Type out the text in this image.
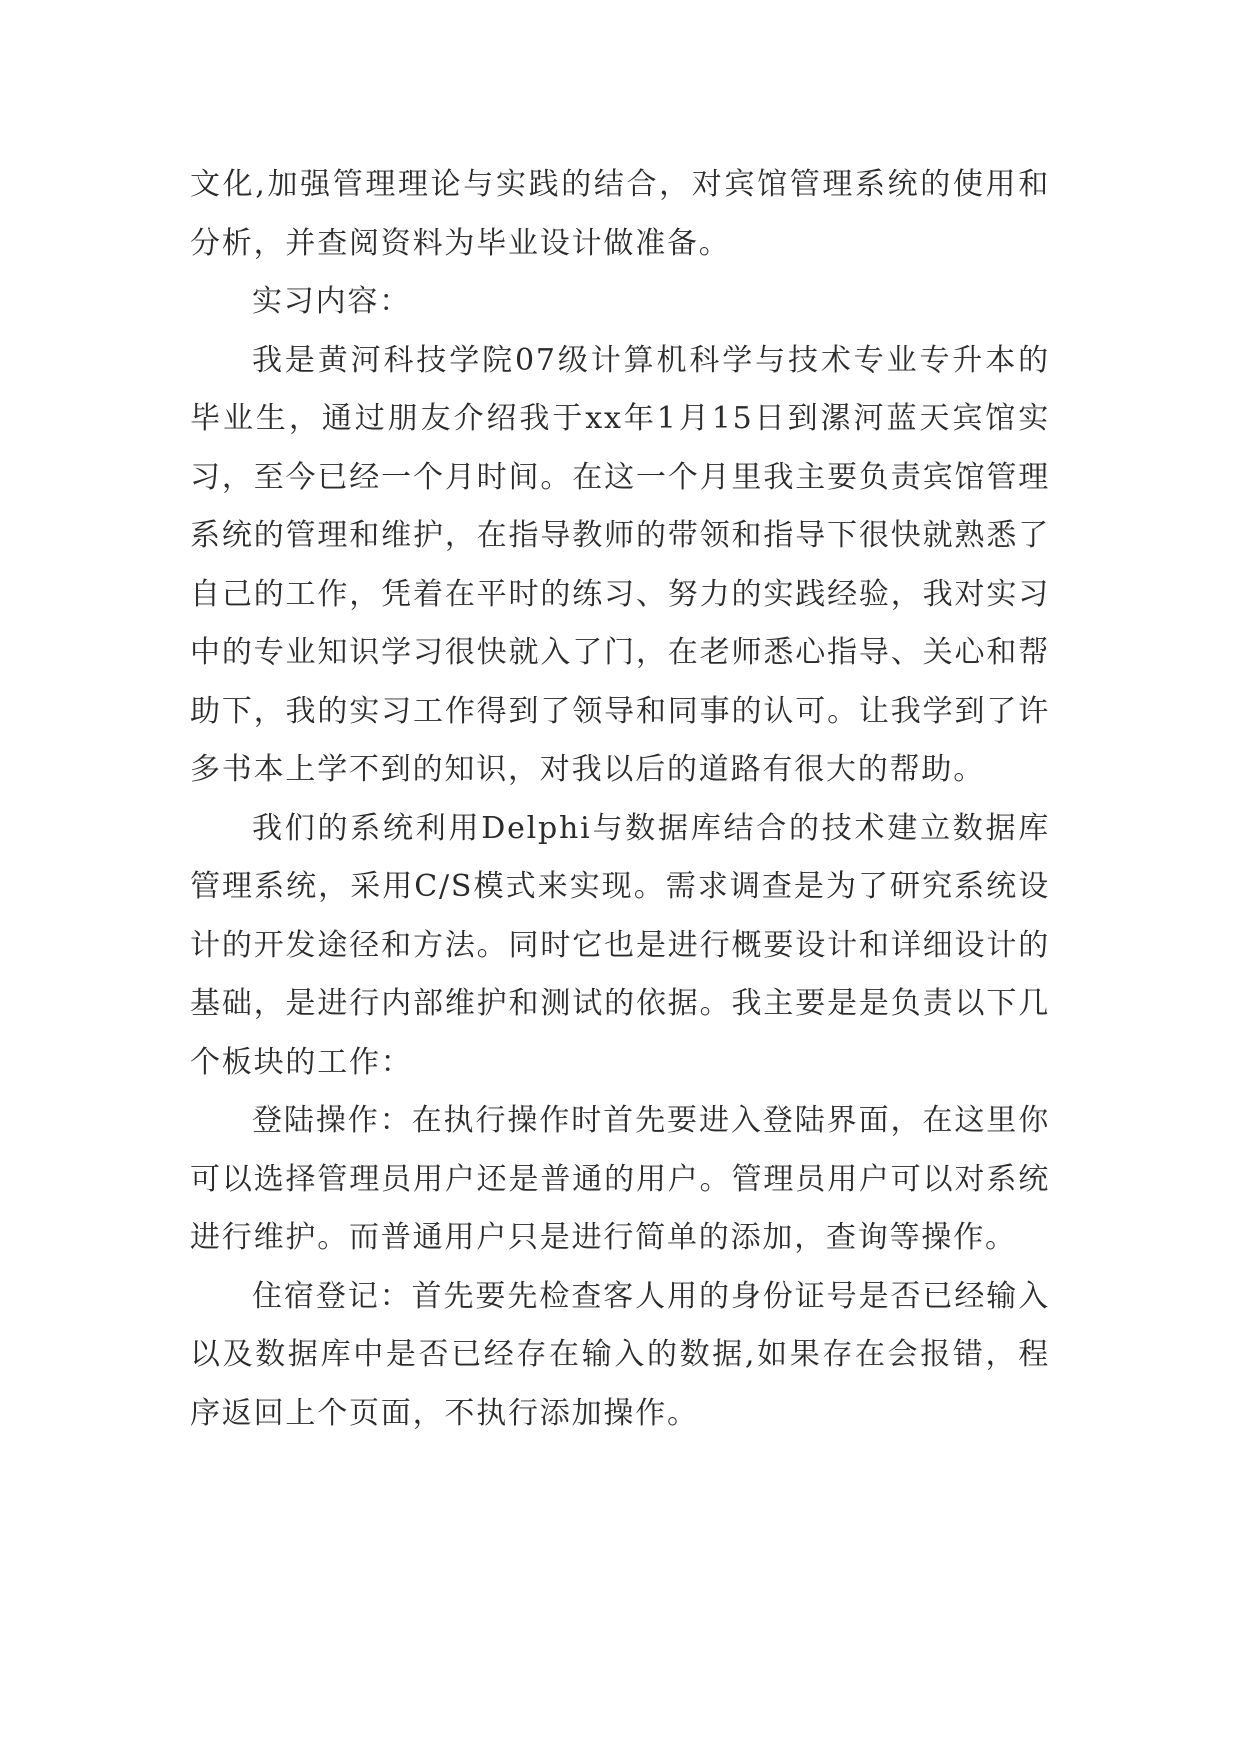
文化,加强管理理论与实践的结合，对宾馆管理系统的使用和分析，并查阅资料为毕业设计做准备。

实习内容：

我是黄河科技学院07级计算机科学与技术专业专升本的毕业生，通过朋友介绍我于xx年1月15日到漯河蓝天宾馆实习，至今已经一个月时间。在这一个月里我主要负责宾馆管理系统的管理和维护，在指导教师的带领和指导下很快就熟悉了自己的工作，凭着在平时的练习、努力的实践经验，我对实习中的专业知识学习很快就入了门，在老师悉心指导、关心和帮助下，我的实习工作得到了领导和同事的认可。让我学到了许多书本上学不到的知识，对我以后的道路有很大的帮助。

我们的系统利用Delphi与数据库结合的技术建立数据库管理系统，采用C/S模式来实现。需求调查是为了研究系统设计的开发途径和方法。同时它也是进行概要设计和详细设计的基础，是进行内部维护和测试的依据。我主要是是负责以下几个板块的工作：

登陆操作：在执行操作时首先要进入登陆界面，在这里你可以选择管理员用户还是普通的用户。管理员用户可以对系统进行维护。而普通用户只是进行简单的添加，查询等操作。

住宿登记：首先要先检查客人用的身份证号是否已经输入以及数据库中是否已经存在输入的数据,如果存在会报错，程序返回上个页面，不执行添加操作。
